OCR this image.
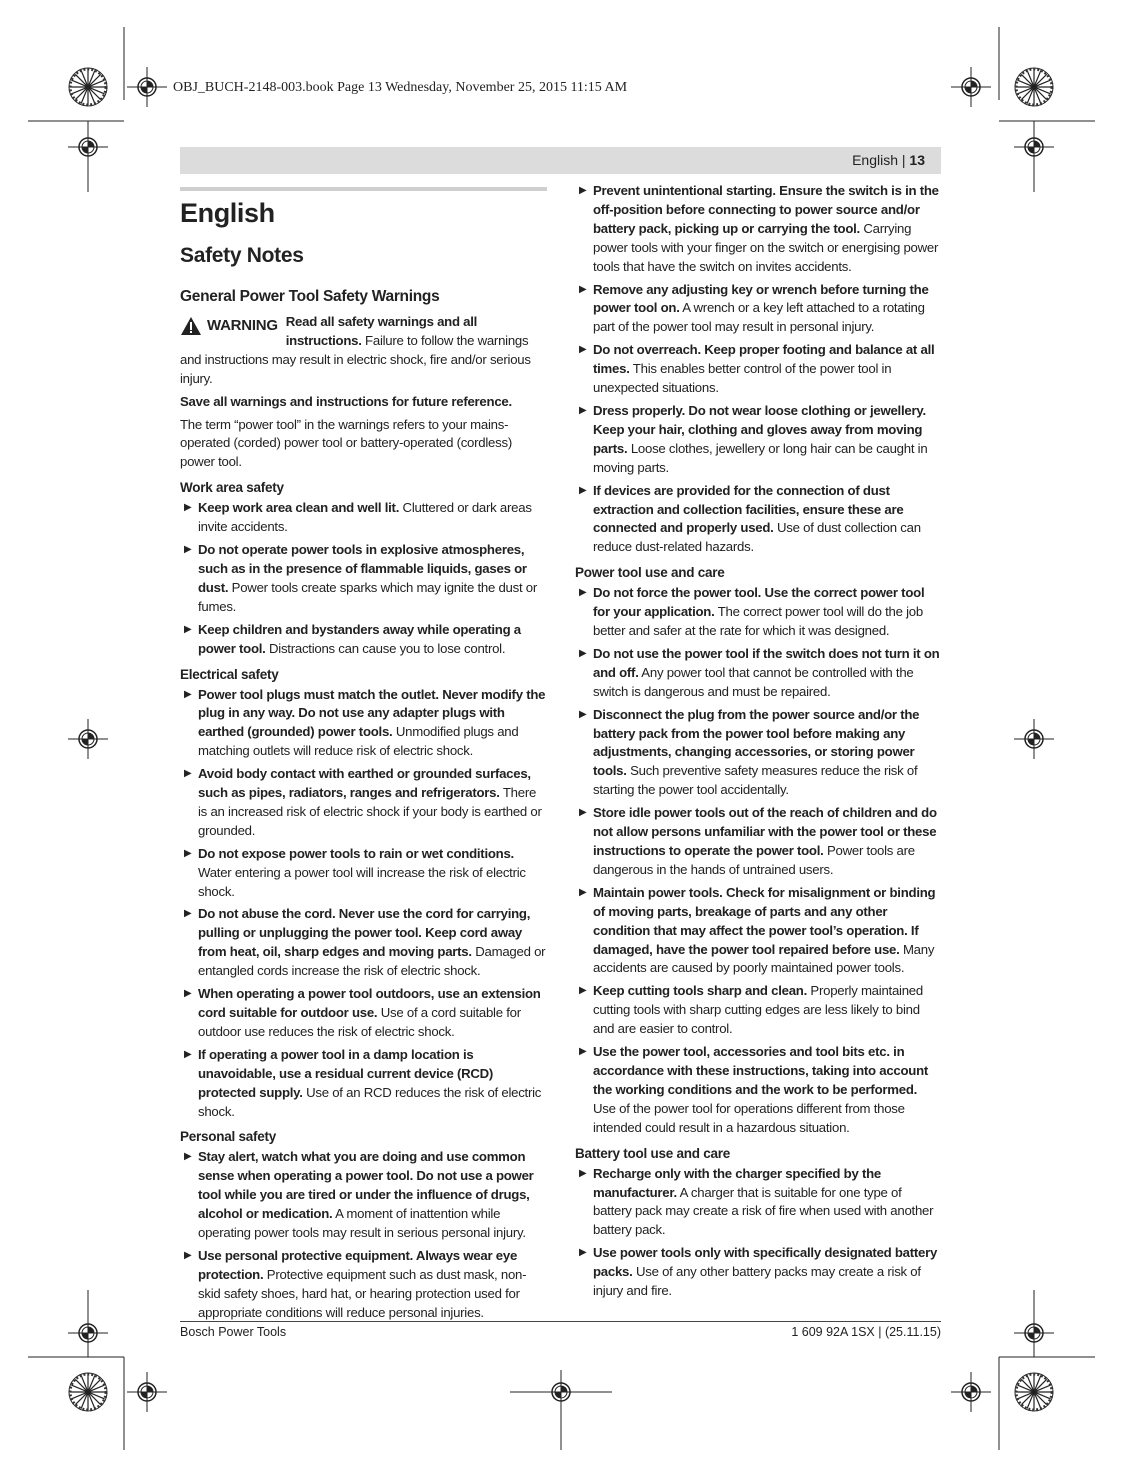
OBJ_BUCH-2148-003.book Page 13 Wednesday, November 25, 2015 11:15 AM
English | 13
English
Safety Notes
General Power Tool Safety Warnings
WARNING Read all safety warnings and all instructions. Failure to follow the warnings and instructions may result in electric shock, fire and/or serious injury.

Save all warnings and instructions for future reference.

The term “power tool” in the warnings refers to your mains-operated (corded) power tool or battery-operated (cordless) power tool.

Work area safety
▶ Keep work area clean and well lit. Cluttered or dark areas invite accidents.
▶ Do not operate power tools in explosive atmospheres, such as in the presence of flammable liquids, gases or dust. Power tools create sparks which may ignite the dust or fumes.
▶ Keep children and bystanders away while operating a power tool. Distractions can cause you to lose control.
Electrical safety
▶ Power tool plugs must match the outlet. Never modify the plug in any way. Do not use any adapter plugs with earthed (grounded) power tools. Unmodified plugs and matching outlets will reduce risk of electric shock.
▶ Avoid body contact with earthed or grounded surfaces, such as pipes, radiators, ranges and refrigerators. There is an increased risk of electric shock if your body is earthed or grounded.
▶ Do not expose power tools to rain or wet conditions. Water entering a power tool will increase the risk of electric shock.
▶ Do not abuse the cord. Never use the cord for carrying, pulling or unplugging the power tool. Keep cord away from heat, oil, sharp edges and moving parts. Damaged or entangled cords increase the risk of electric shock.
▶ When operating a power tool outdoors, use an extension cord suitable for outdoor use. Use of a cord suitable for outdoor use reduces the risk of electric shock.
▶ If operating a power tool in a damp location is unavoidable, use a residual current device (RCD) protected supply. Use of an RCD reduces the risk of electric shock.
Personal safety
▶ Stay alert, watch what you are doing and use common sense when operating a power tool. Do not use a power tool while you are tired or under the influence of drugs, alcohol or medication. A moment of inattention while operating power tools may result in serious personal injury.
▶ Use personal protective equipment. Always wear eye protection. Protective equipment such as dust mask, non-skid safety shoes, hard hat, or hearing protection used for appropriate conditions will reduce personal injuries.
▶ Prevent unintentional starting. Ensure the switch is in the off-position before connecting to power source and/or battery pack, picking up or carrying the tool. Carrying power tools with your finger on the switch or energising power tools that have the switch on invites accidents.
▶ Remove any adjusting key or wrench before turning the power tool on. A wrench or a key left attached to a rotating part of the power tool may result in personal injury.
▶ Do not overreach. Keep proper footing and balance at all times. This enables better control of the power tool in unexpected situations.
▶ Dress properly. Do not wear loose clothing or jewellery. Keep your hair, clothing and gloves away from moving parts. Loose clothes, jewellery or long hair can be caught in moving parts.
▶ If devices are provided for the connection of dust extraction and collection facilities, ensure these are connected and properly used. Use of dust collection can reduce dust-related hazards.
Power tool use and care
▶ Do not force the power tool. Use the correct power tool for your application. The correct power tool will do the job better and safer at the rate for which it was designed.
▶ Do not use the power tool if the switch does not turn it on and off. Any power tool that cannot be controlled with the switch is dangerous and must be repaired.
▶ Disconnect the plug from the power source and/or the battery pack from the power tool before making any adjustments, changing accessories, or storing power tools. Such preventive safety measures reduce the risk of starting the power tool accidentally.
▶ Store idle power tools out of the reach of children and do not allow persons unfamiliar with the power tool or these instructions to operate the power tool. Power tools are dangerous in the hands of untrained users.
▶ Maintain power tools. Check for misalignment or binding of moving parts, breakage of parts and any other condition that may affect the power tool’s operation. If damaged, have the power tool repaired before use. Many accidents are caused by poorly maintained power tools.
▶ Keep cutting tools sharp and clean. Properly maintained cutting tools with sharp cutting edges are less likely to bind and are easier to control.
▶ Use the power tool, accessories and tool bits etc. in accordance with these instructions, taking into account the working conditions and the work to be performed. Use of the power tool for operations different from those intended could result in a hazardous situation.
Battery tool use and care
▶ Recharge only with the charger specified by the manufacturer. A charger that is suitable for one type of battery pack may create a risk of fire when used with another battery pack.
▶ Use power tools only with specifically designated battery packs. Use of any other battery packs may create a risk of injury and fire.
Bosch Power Tools	1 609 92A 1SX | (25.11.15)
